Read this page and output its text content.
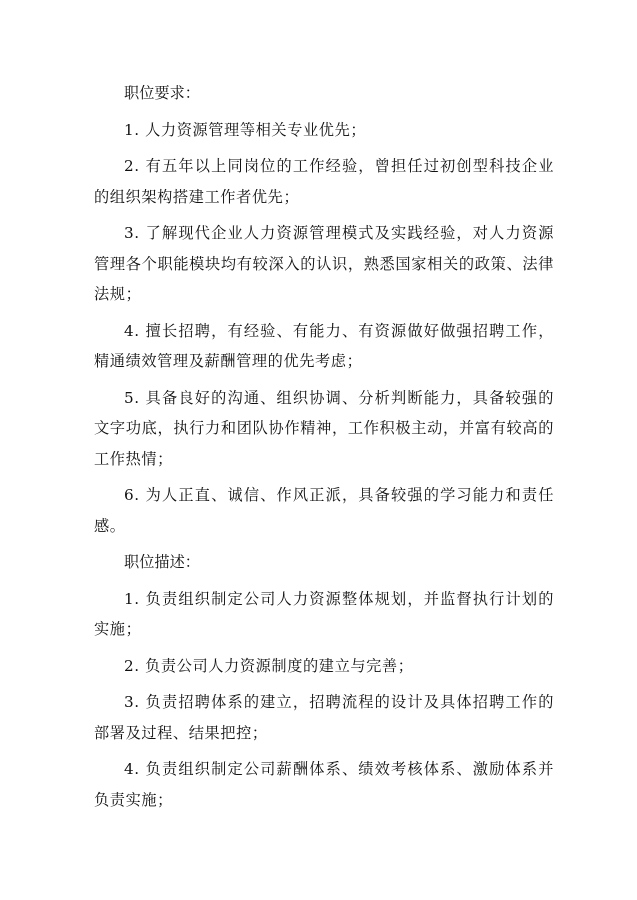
职位要求：

1. 人力资源管理等相关专业优先；

2. 有五年以上同岗位的工作经验，曾担任过初创型科技企业的组织架构搭建工作者优先；

3. 了解现代企业人力资源管理模式及实践经验，对人力资源管理各个职能模块均有较深入的认识，熟悉国家相关的政策、法律法规；

4. 擅长招聘，有经验、有能力、有资源做好做强招聘工作，精通绩效管理及薪酬管理的优先考虑；

5. 具备良好的沟通、组织协调、分析判断能力，具备较强的文字功底，执行力和团队协作精神，工作积极主动，并富有较高的工作热情；

6. 为人正直、诚信、作风正派，具备较强的学习能力和责任感。

职位描述：

1. 负责组织制定公司人力资源整体规划，并监督执行计划的实施；

2. 负责公司人力资源制度的建立与完善；

3. 负责招聘体系的建立，招聘流程的设计及具体招聘工作的部署及过程、结果把控；

4. 负责组织制定公司薪酬体系、绩效考核体系、激励体系并负责实施；
